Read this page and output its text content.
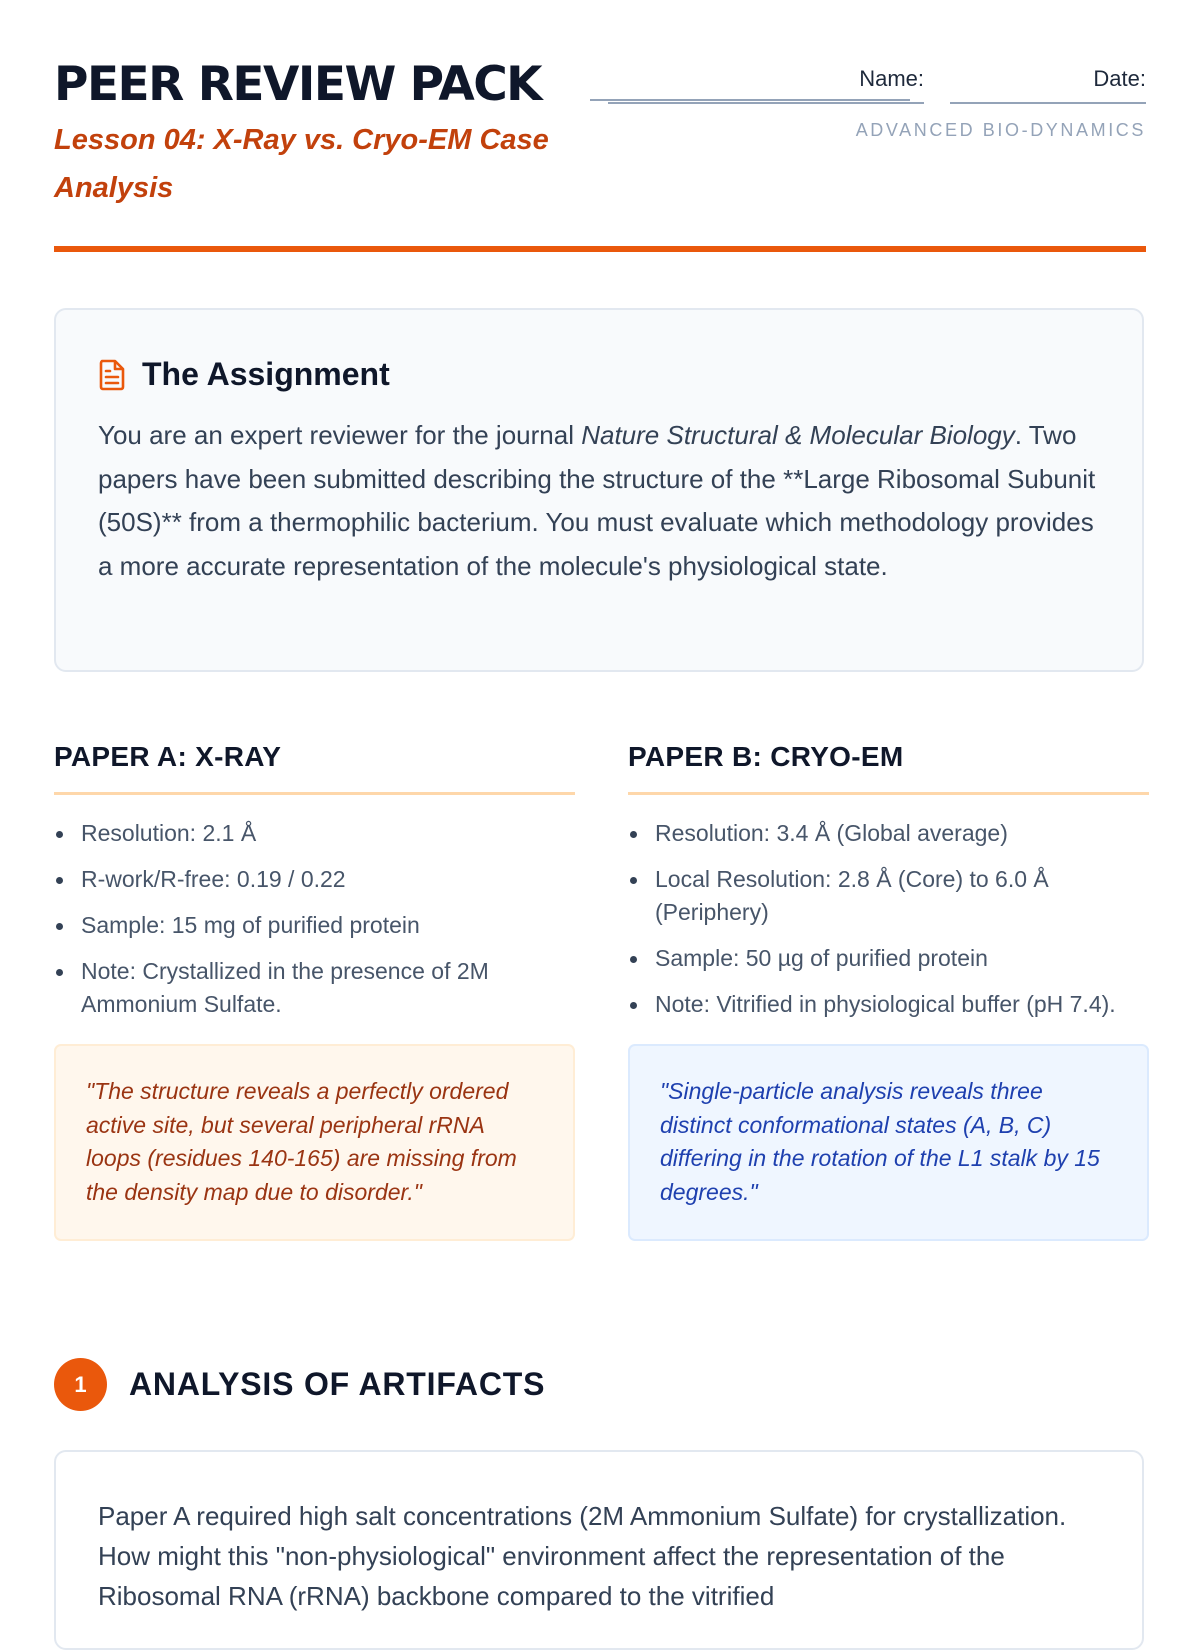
PEER REVIEW PACK
Lesson 04: X-Ray vs. Cryo-EM Case Analysis
Name:	Date:
ADVANCED BIO-DYNAMICS
The Assignment
You are an expert reviewer for the journal Nature Structural & Molecular Biology. Two papers have been submitted describing the structure of the **Large Ribosomal Subunit (50S)** from a thermophilic bacterium. You must evaluate which methodology provides a more accurate representation of the molecule's physiological state.
PAPER A: X-RAY
Resolution: 2.1 Å
R-work/R-free: 0.19 / 0.22
Sample: 15 mg of purified protein
Note: Crystallized in the presence of 2M Ammonium Sulfate.
"The structure reveals a perfectly ordered active site, but several peripheral rRNA loops (residues 140-165) are missing from the density map due to disorder."
PAPER B: CRYO-EM
Resolution: 3.4 Å (Global average)
Local Resolution: 2.8 Å (Core) to 6.0 Å (Periphery)
Sample: 50 µg of purified protein
Note: Vitrified in physiological buffer (pH 7.4).
"Single-particle analysis reveals three distinct conformational states (A, B, C) differing in the rotation of the L1 stalk by 15 degrees."
1	ANALYSIS OF ARTIFACTS
Paper A required high salt concentrations (2M Ammonium Sulfate) for crystallization. How might this "non-physiological" environment affect the representation of the Ribosomal RNA (rRNA) backbone compared to the vitrified
